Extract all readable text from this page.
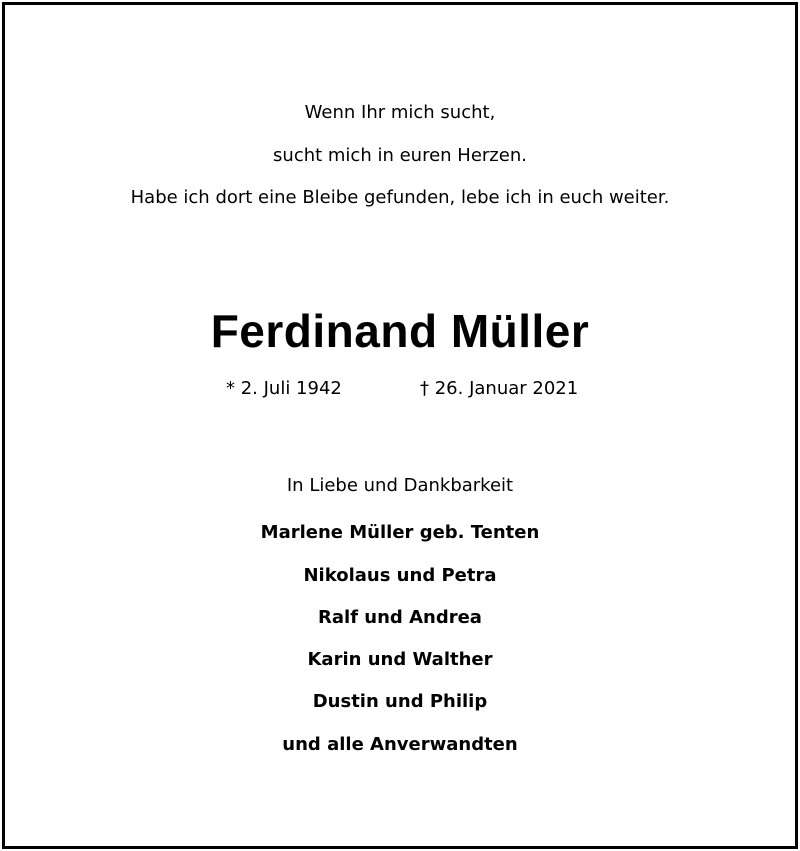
Wenn Ihr mich sucht,
sucht mich in euren Herzen.
Habe ich dort eine Bleibe gefunden, lebe ich in euch weiter.
Ferdinand Müller
* 2. Juli 1942	† 26. Januar 2021
In Liebe und Dankbarkeit
Marlene Müller geb. Tenten
Nikolaus und Petra
Ralf und Andrea
Karin und Walther
Dustin und Philip
und alle Anverwandten
